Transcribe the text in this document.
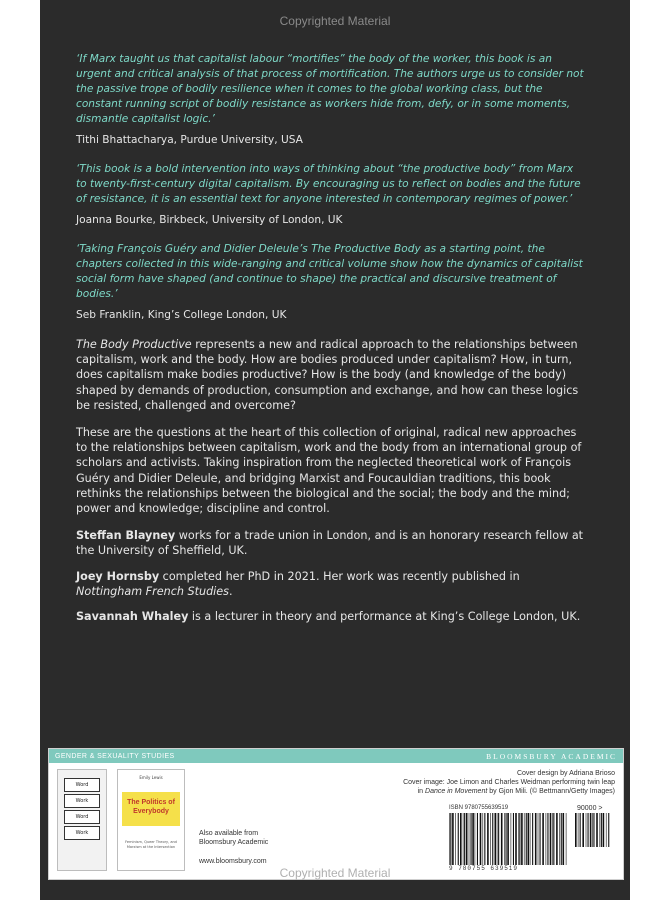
Copyrighted Material

‘If Marx taught us that capitalist labour “mortifies” the body of the worker, this book is an urgent and critical analysis of that process of mortification. The authors urge us to consider not the passive trope of bodily resilience when it comes to the global working class, but the constant running script of bodily resistance as workers hide from, defy, or in some moments, dismantle capitalist logic.’

Tithi Bhattacharya, Purdue University, USA

‘This book is a bold intervention into ways of thinking about “the productive body” from Marx to twenty-first-century digital capitalism. By encouraging us to reflect on bodies and the future of resistance, it is an essential text for anyone interested in contemporary regimes of power.’

Joanna Bourke, Birkbeck, University of London, UK

‘Taking François Guéry and Didier Deleule’s The Productive Body as a starting point, the chapters collected in this wide-ranging and critical volume show how the dynamics of capitalist social form have shaped (and continue to shape) the practical and discursive treatment of bodies.’

Seb Franklin, King’s College London, UK

The Body Productive represents a new and radical approach to the relationships between capitalism, work and the body. How are bodies produced under capitalism? How, in turn, does capitalism make bodies productive? How is the body (and knowledge of the body) shaped by demands of production, consumption and exchange, and how can these logics be resisted, challenged and overcome?

These are the questions at the heart of this collection of original, radical new approaches to the relationships between capitalism, work and the body from an international group of scholars and activists. Taking inspiration from the neglected theoretical work of François Guéry and Didier Deleule, and bridging Marxist and Foucauldian traditions, this book rethinks the relationships between the biological and the social; the body and the mind; power and knowledge; discipline and control.

Steffan Blayney works for a trade union in London, and is an honorary research fellow at the University of Sheffield, UK.

Joey Hornsby completed her PhD in 2021. Her work was recently published in Nottingham French Studies.

Savannah Whaley is a lecturer in theory and performance at King’s College London, UK.

GENDER & SEXUALITY STUDIES	BLOOMSBURY ACADEMIC
Word
Work
Word
Work
Emily Lewis
The Politics of Everybody
Feminism, Queer Theory, and Marxism at the Intersection
Also available from
Bloomsbury Academic
www.bloomsbury.com
Cover design by Adriana Brioso
Cover image: Joe Limon and Charles Weidman performing twin leap
in Dance in Movement by Gjon Mili. (© Bettmann/Getty Images)
ISBN 9780755639519	90000 >
9 780755 639519
Copyrighted Material
